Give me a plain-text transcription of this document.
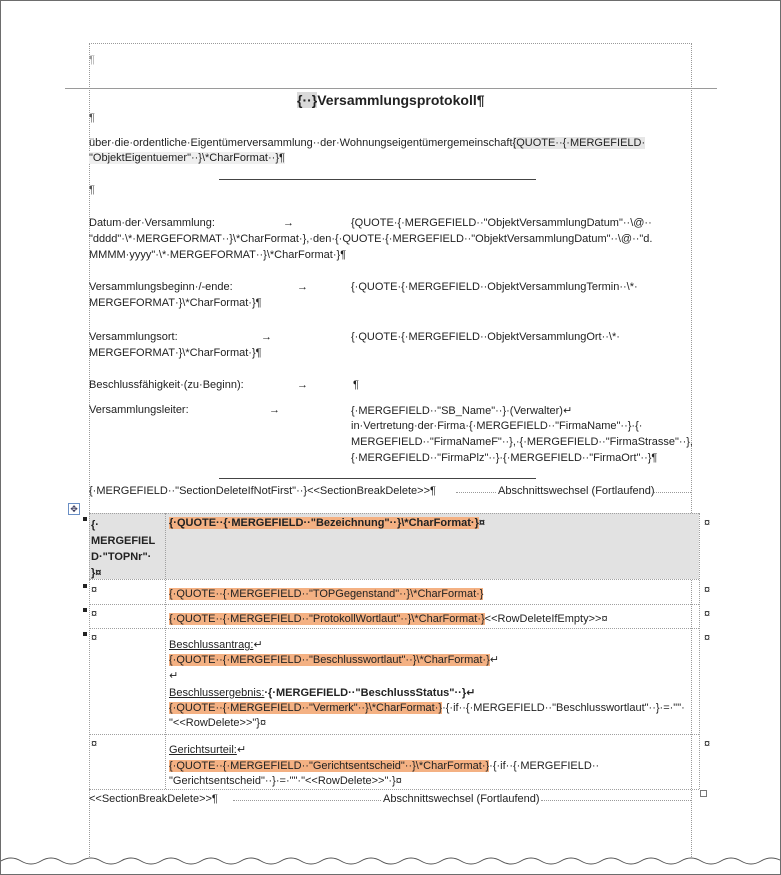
¶
{··}Versammlungsprotokoll¶
¶
über·die·ordentliche·Eigentümerversammlung··der·Wohnungseigentümergemeinschaft{QUOTE··{·MERGEFIELD·
"ObjektEigentuemer"··}\*CharFormat··}¶
¶
Datum·der·Versammlung:	→	{QUOTE·{·MERGEFIELD··"ObjektVersammlungDatum"··\@··
"dddd"·\*·MERGEFORMAT··}\*CharFormat·},·den·{·QUOTE·{·MERGEFIELD··"ObjektVersammlungDatum"··\@··"d.
MMMM·yyyy"·\*·MERGEFORMAT··}\*CharFormat·}¶
Versammlungsbeginn·/-ende:	→	{·QUOTE·{·MERGEFIELD··ObjektVersammlungTermin··\*·
MERGEFORMAT·}\*CharFormat·}¶
Versammlungsort:	→	{·QUOTE·{·MERGEFIELD··ObjektVersammlungOrt··\*·
MERGEFORMAT·}\*CharFormat·}¶
Beschlussfähigkeit·(zu·Beginn):	→	¶
Versammlungsleiter:	→	{·MERGEFIELD··"SB_Name"··}·(Verwalter)↵
in·Vertretung·der·Firma·{·MERGEFIELD··"FirmaName"··}·{·
MERGEFIELD··"FirmaNameF"··},·{·MERGEFIELD··"FirmaStrasse"··},
{·MERGEFIELD··"FirmaPlz"··}·{·MERGEFIELD··"FirmaOrt"··}¶
{·MERGEFIELD··"SectionDeleteIfNotFirst"··}<<SectionBreakDelete>>¶	Abschnittswechsel (Fortlaufend)
✥
{·
MERGEFIEL
D·"TOPNr"·
}¤
{·QUOTE··{·MERGEFIELD··"Bezeichnung"··}\*CharFormat·}¤	¤
¤	{·QUOTE··{·MERGEFIELD··"TOPGegenstand"··}\*CharFormat·}	¤
¤	{·QUOTE··{·MERGEFIELD··"ProtokollWortlaut"··}\*CharFormat·}<<RowDeleteIfEmpty>>¤	¤
¤
Beschlussantrag:↵
{·QUOTE··{·MERGEFIELD··"Beschlusswortlaut"··}\*CharFormat·}↵
↵
Beschlussergebnis:·{·MERGEFIELD··"BeschlussStatus"··}↵
{·QUOTE··{·MERGEFIELD··"Vermerk"··}\*CharFormat·}·{·if··{·MERGEFIELD··"Beschlusswortlaut"··}·=·""·
"<<RowDelete>>"}¤
¤
¤	Gerichtsurteil:↵
{·QUOTE··{·MERGEFIELD··"Gerichtsentscheid"··}\*CharFormat·}·{·if··{·MERGEFIELD··
"Gerichtsentscheid"··}·=·""·"<<RowDelete>>"·}¤
¤
<<SectionBreakDelete>>¶	Abschnittswechsel (Fortlaufend)
